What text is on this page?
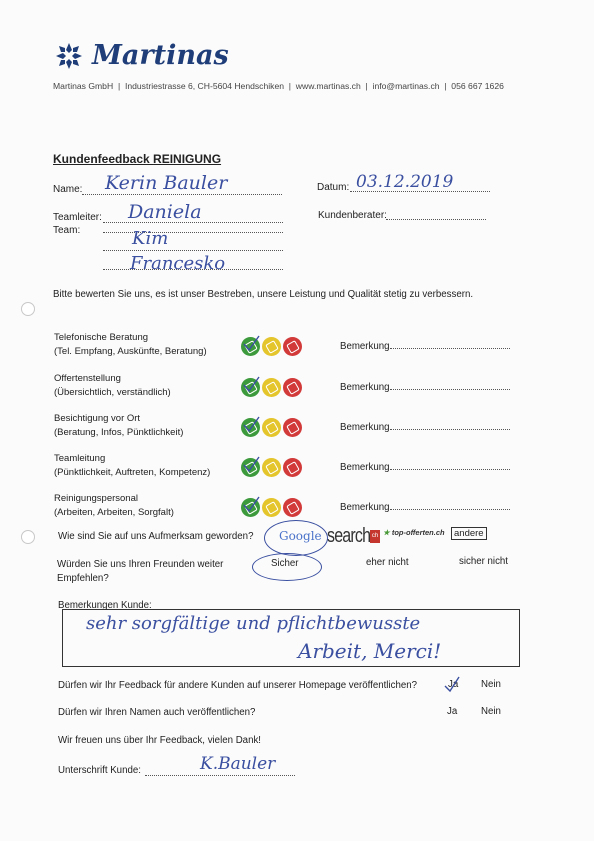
Martinas
Martinas GmbH  |  Industriestrasse 6, CH-5604 Hendschiken  |  www.martinas.ch  |  info@martinas.ch  |  056 667 1626
Kundenfeedback REINIGUNG
Name: Kerin Bauler	Datum: 03.12.2019
Teamleiter: Daniela	Kundenberater:
Team:	Kim
Francesko
Bitte bewerten Sie uns, es ist unser Bestreben, unsere Leistung und Qualität stetig zu verbessern.
Telefonische Beratung
(Tel. Empfang, Auskünfte, Beratung)	Bemerkung
Offertenstellung
(Übersichtlich, verständlich)	Bemerkung
Besichtigung vor Ort
(Beratung, Infos, Pünktlichkeit)	Bemerkung
Teamleitung
(Pünktlichkeit, Auftreten, Kompetenz)	Bemerkung
Reinigungspersonal
(Arbeiten, Arbeiten, Sorgfalt)	Bemerkung
Wie sind Sie auf uns Aufmerksam geworden? Google search ch ★ top-offerten.ch andere
Würden Sie uns Ihren Freunden weiter
Empfehlen?
Sicher	eher nicht	sicher nicht
Bemerkungen Kunde:
sehr sorgfältige und pflichtbewusste
Arbeit, Merci!
Dürfen wir Ihr Feedback für andere Kunden auf unserer Homepage veröffentlichen?	Ja Nein
Dürfen wir Ihren Namen auch veröffentlichen?	Ja Nein
Wir freuen uns über Ihr Feedback, vielen Dank!
Unterschrift Kunde:	K.Bauler
